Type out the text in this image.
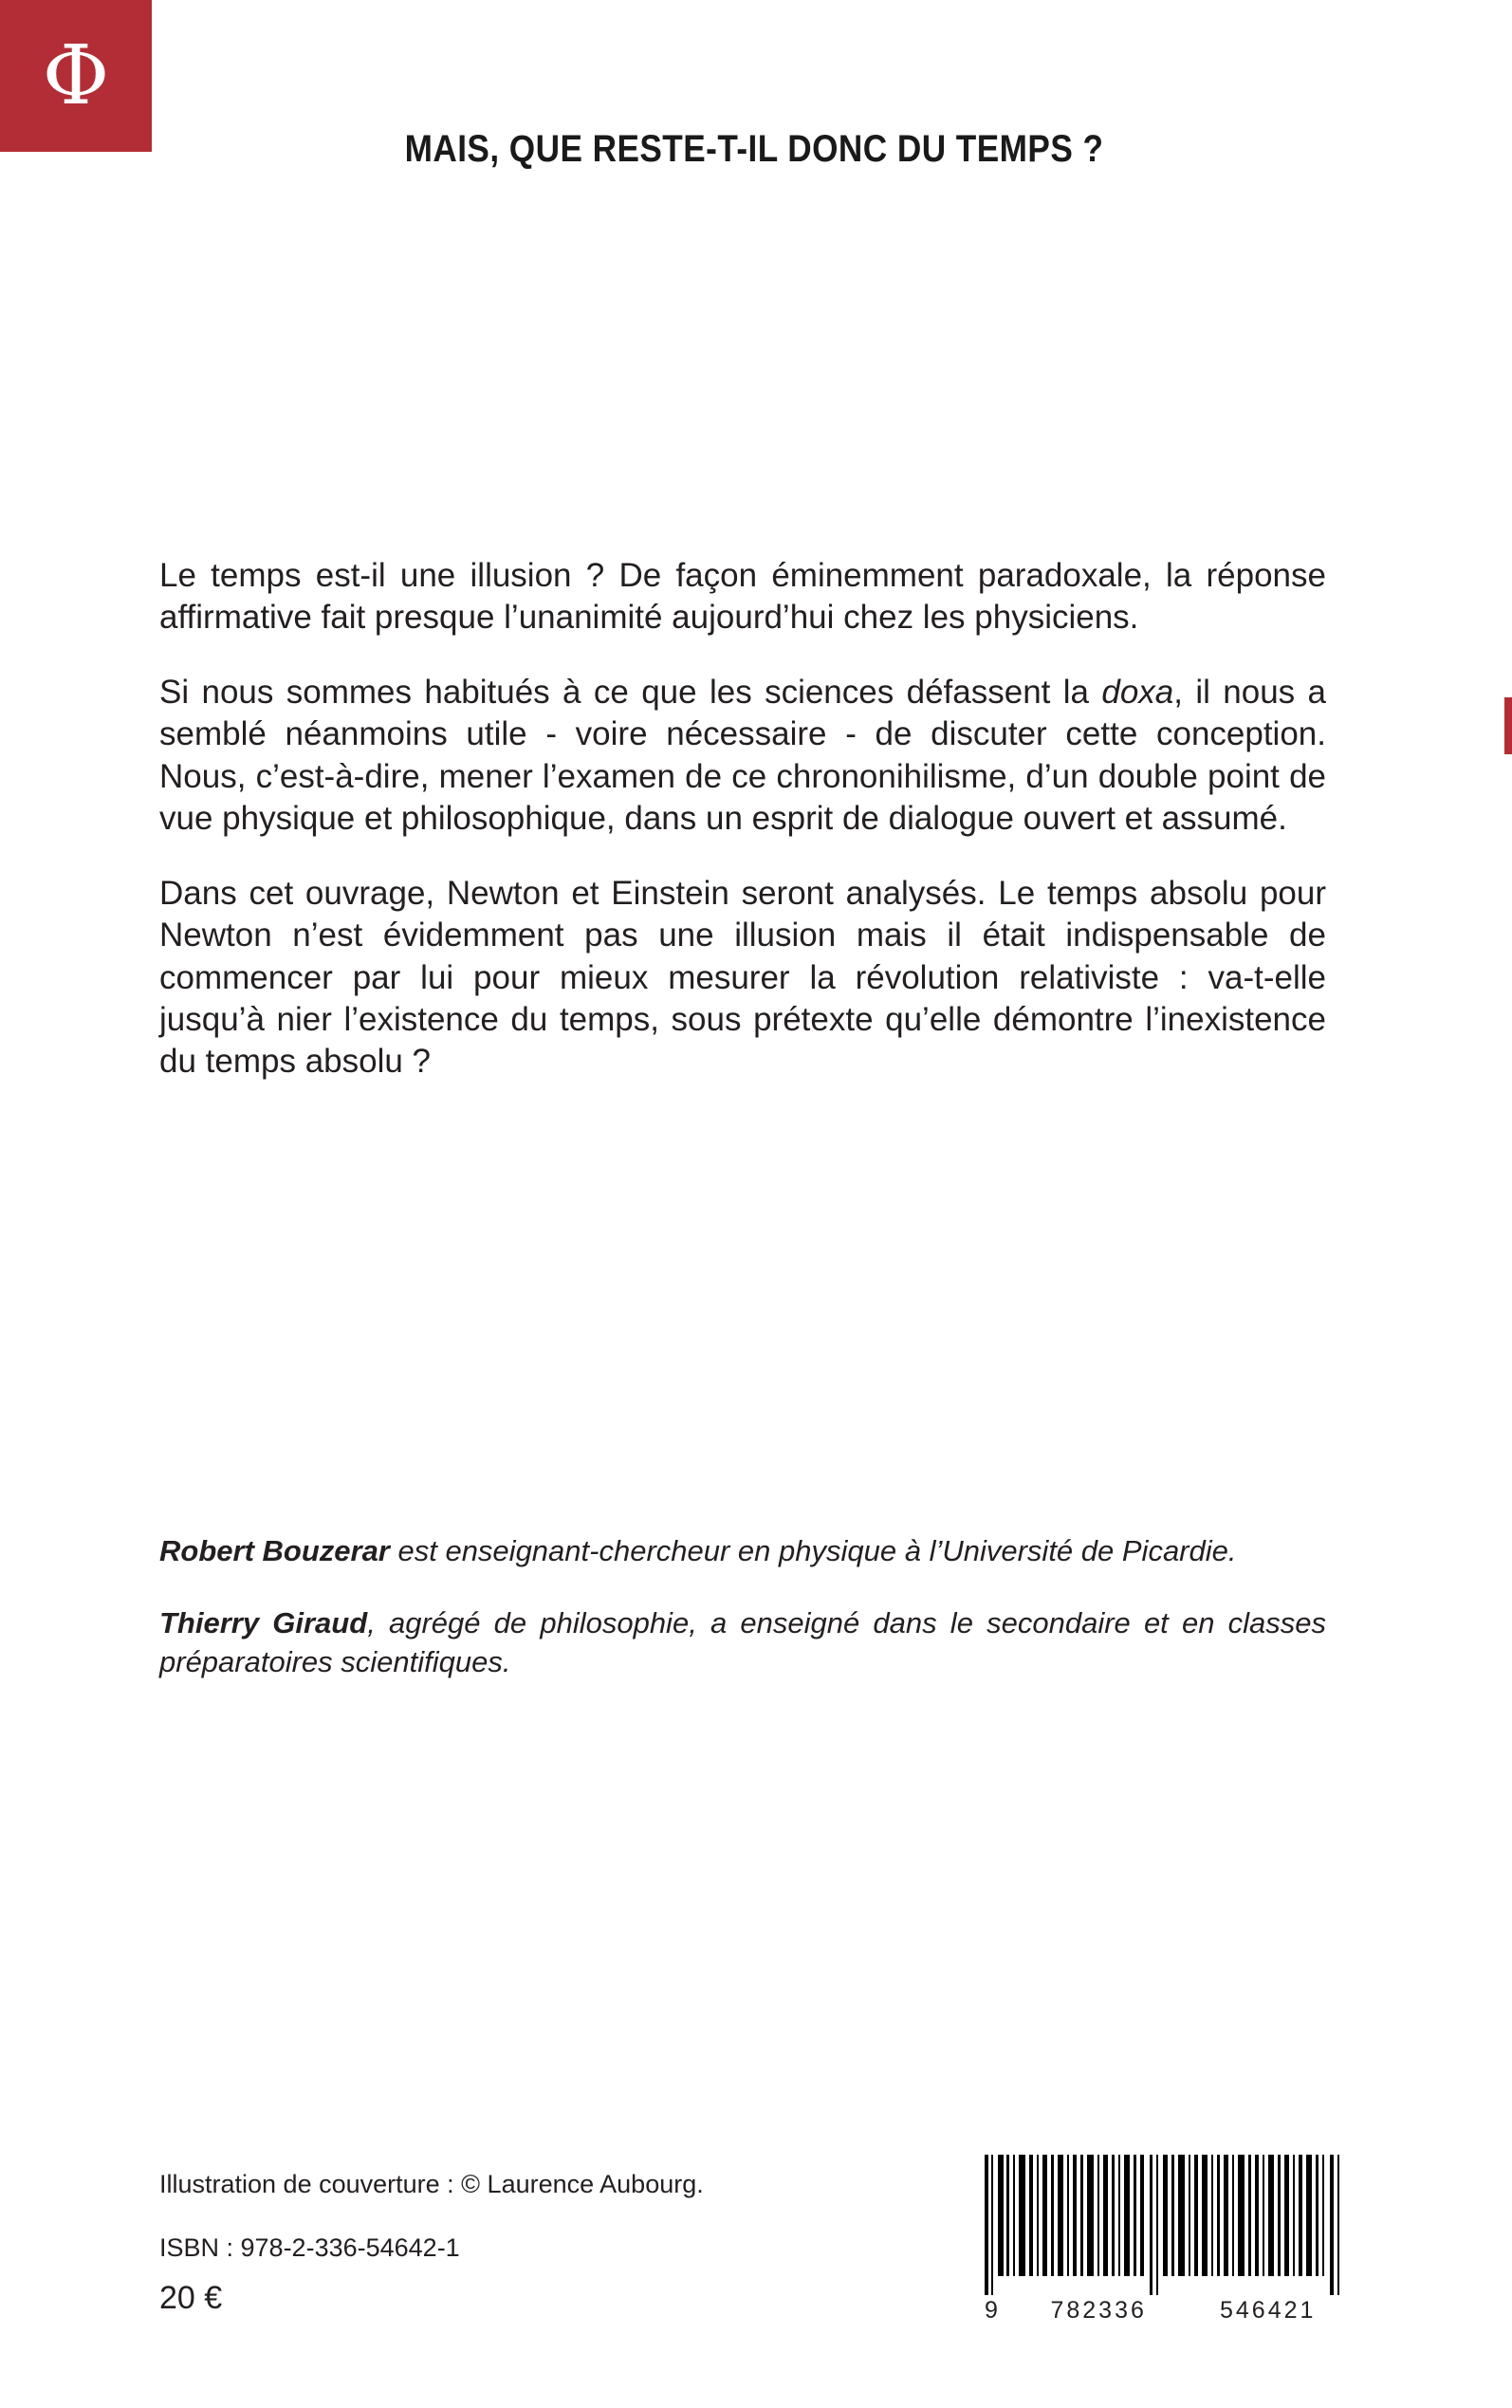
Φ
MAIS, QUE RESTE-T-IL DONC DU TEMPS ?

Le temps est-il une illusion ? De façon éminemment paradoxale, la réponse affirmative fait presque l’unanimité aujourd’hui chez les physiciens.

Si nous sommes habitués à ce que les sciences défassent la doxa, il nous a semblé néanmoins utile - voire nécessaire - de discuter cette conception. Nous, c’est-à-dire, mener l’examen de ce chrononihilisme, d’un double point de vue physique et philosophique, dans un esprit de dialogue ouvert et assumé.

Dans cet ouvrage, Newton et Einstein seront analysés. Le temps absolu pour Newton n’est évidemment pas une illusion mais il était indispensable de commencer par lui pour mieux mesurer la révolution relativiste : va-t-elle jusqu’à nier l’existence du temps, sous prétexte qu’elle démontre l’inexistence du temps absolu ?

Robert Bouzerar est enseignant-chercheur en physique à l’Université de Picardie.

Thierry Giraud, agrégé de philosophie, a enseigné dans le secondaire et en classes préparatoires scientifiques.

Illustration de couverture : © Laurence Aubourg.
ISBN : 978-2-336-54642-1
20 €	9	782336	546421
